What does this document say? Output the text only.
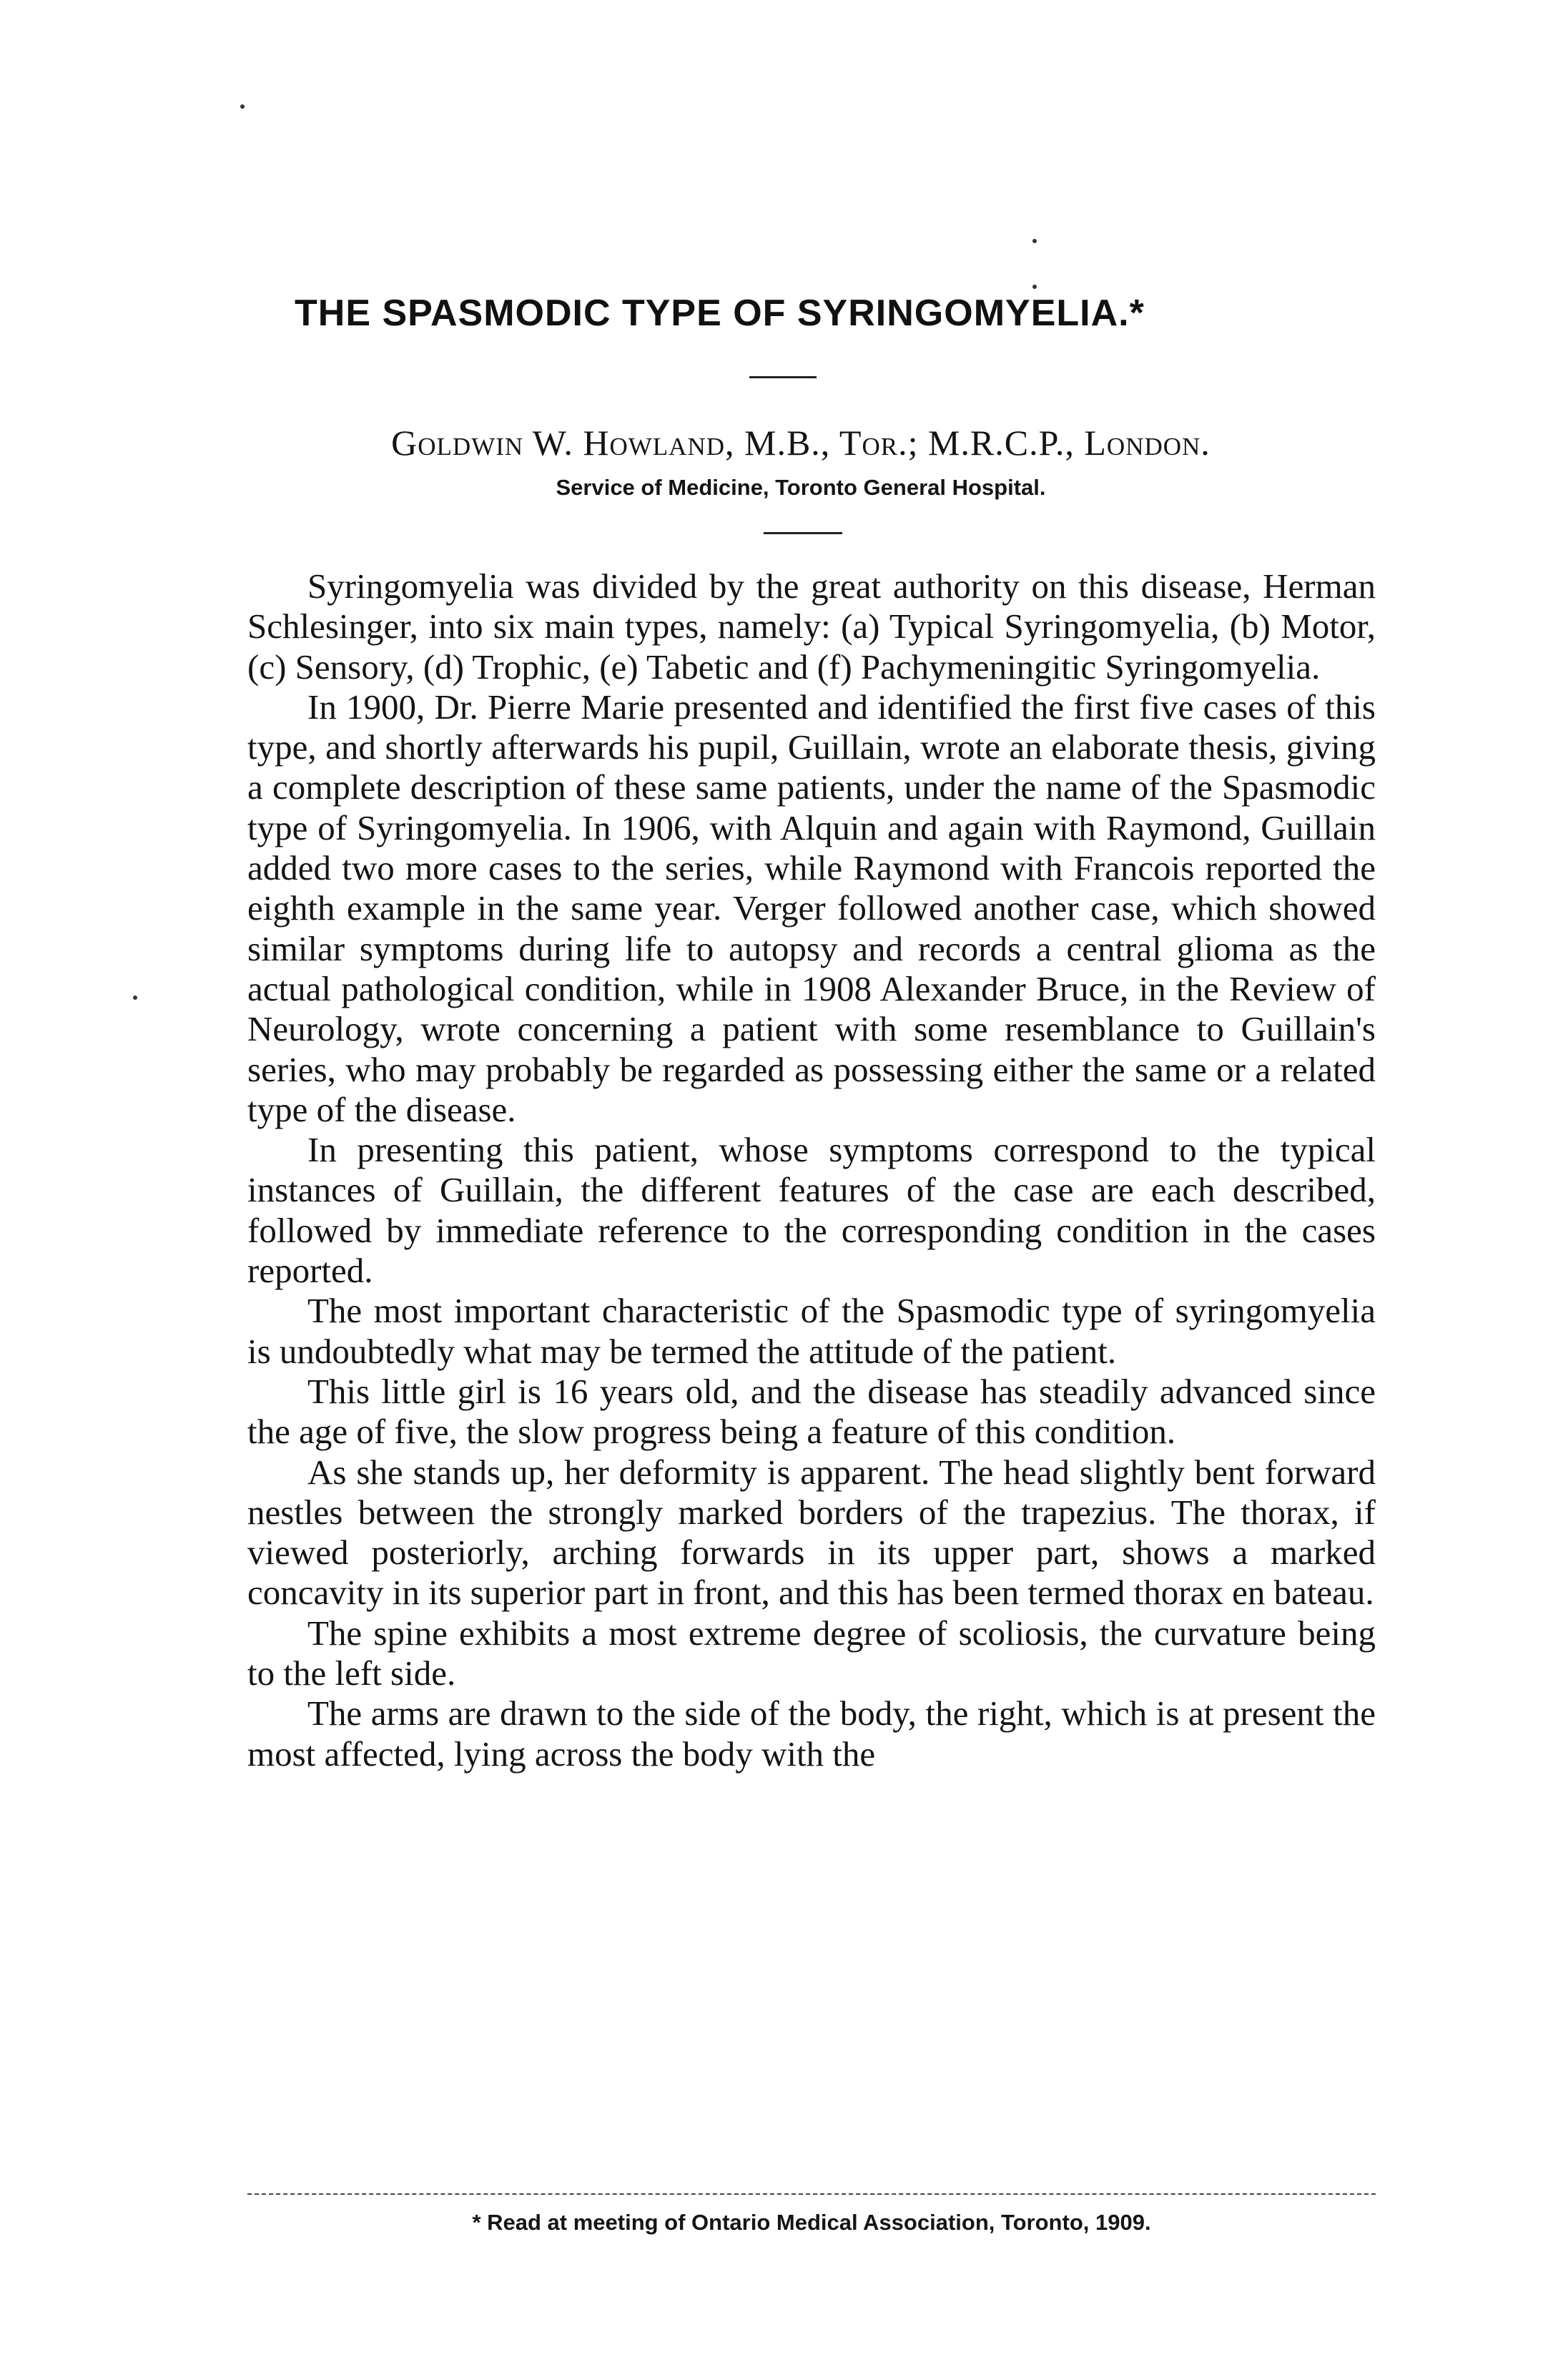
THE SPASMODIC TYPE OF SYRINGOMYELIA.*
Goldwin W. Howland, M.B., Tor.; M.R.C.P., London.
Service of Medicine, Toronto General Hospital.

Syringomyelia was divided by the great authority on this disease, Herman Schlesinger, into six main types, namely: (a) Typical Syringomyelia, (b) Motor, (c) Sensory, (d) Trophic, (e) Tabetic and (f) Pachymeningitic Syringomyelia.

In 1900, Dr. Pierre Marie presented and identified the first five cases of this type, and shortly afterwards his pupil, Guillain, wrote an elaborate thesis, giving a complete description of these same patients, under the name of the Spasmodic type of Syringomyelia. In 1906, with Alquin and again with Raymond, Guillain added two more cases to the series, while Raymond with Francois reported the eighth example in the same year. Verger followed another case, which showed similar symptoms during life to autopsy and records a central glioma as the actual pathological condition, while in 1908 Alexander Bruce, in the Review of Neurology, wrote concerning a patient with some resemblance to Guillain's series, who may probably be regarded as possessing either the same or a related type of the disease.

In presenting this patient, whose symptoms correspond to the typical instances of Guillain, the different features of the case are each described, followed by immediate reference to the corresponding condition in the cases reported.

The most important characteristic of the Spasmodic type of syringomyelia is undoubtedly what may be termed the attitude of the patient.

This little girl is 16 years old, and the disease has steadily advanced since the age of five, the slow progress being a feature of this condition.

As she stands up, her deformity is apparent. The head slightly bent forward nestles between the strongly marked borders of the trapezius. The thorax, if viewed posteriorly, arching forwards in its upper part, shows a marked concavity in its superior part in front, and this has been termed thorax en bateau.

The spine exhibits a most extreme degree of scoliosis, the curvature being to the left side.

The arms are drawn to the side of the body, the right, which is at present the most affected, lying across the body with the

* Read at meeting of Ontario Medical Association, Toronto, 1909.
